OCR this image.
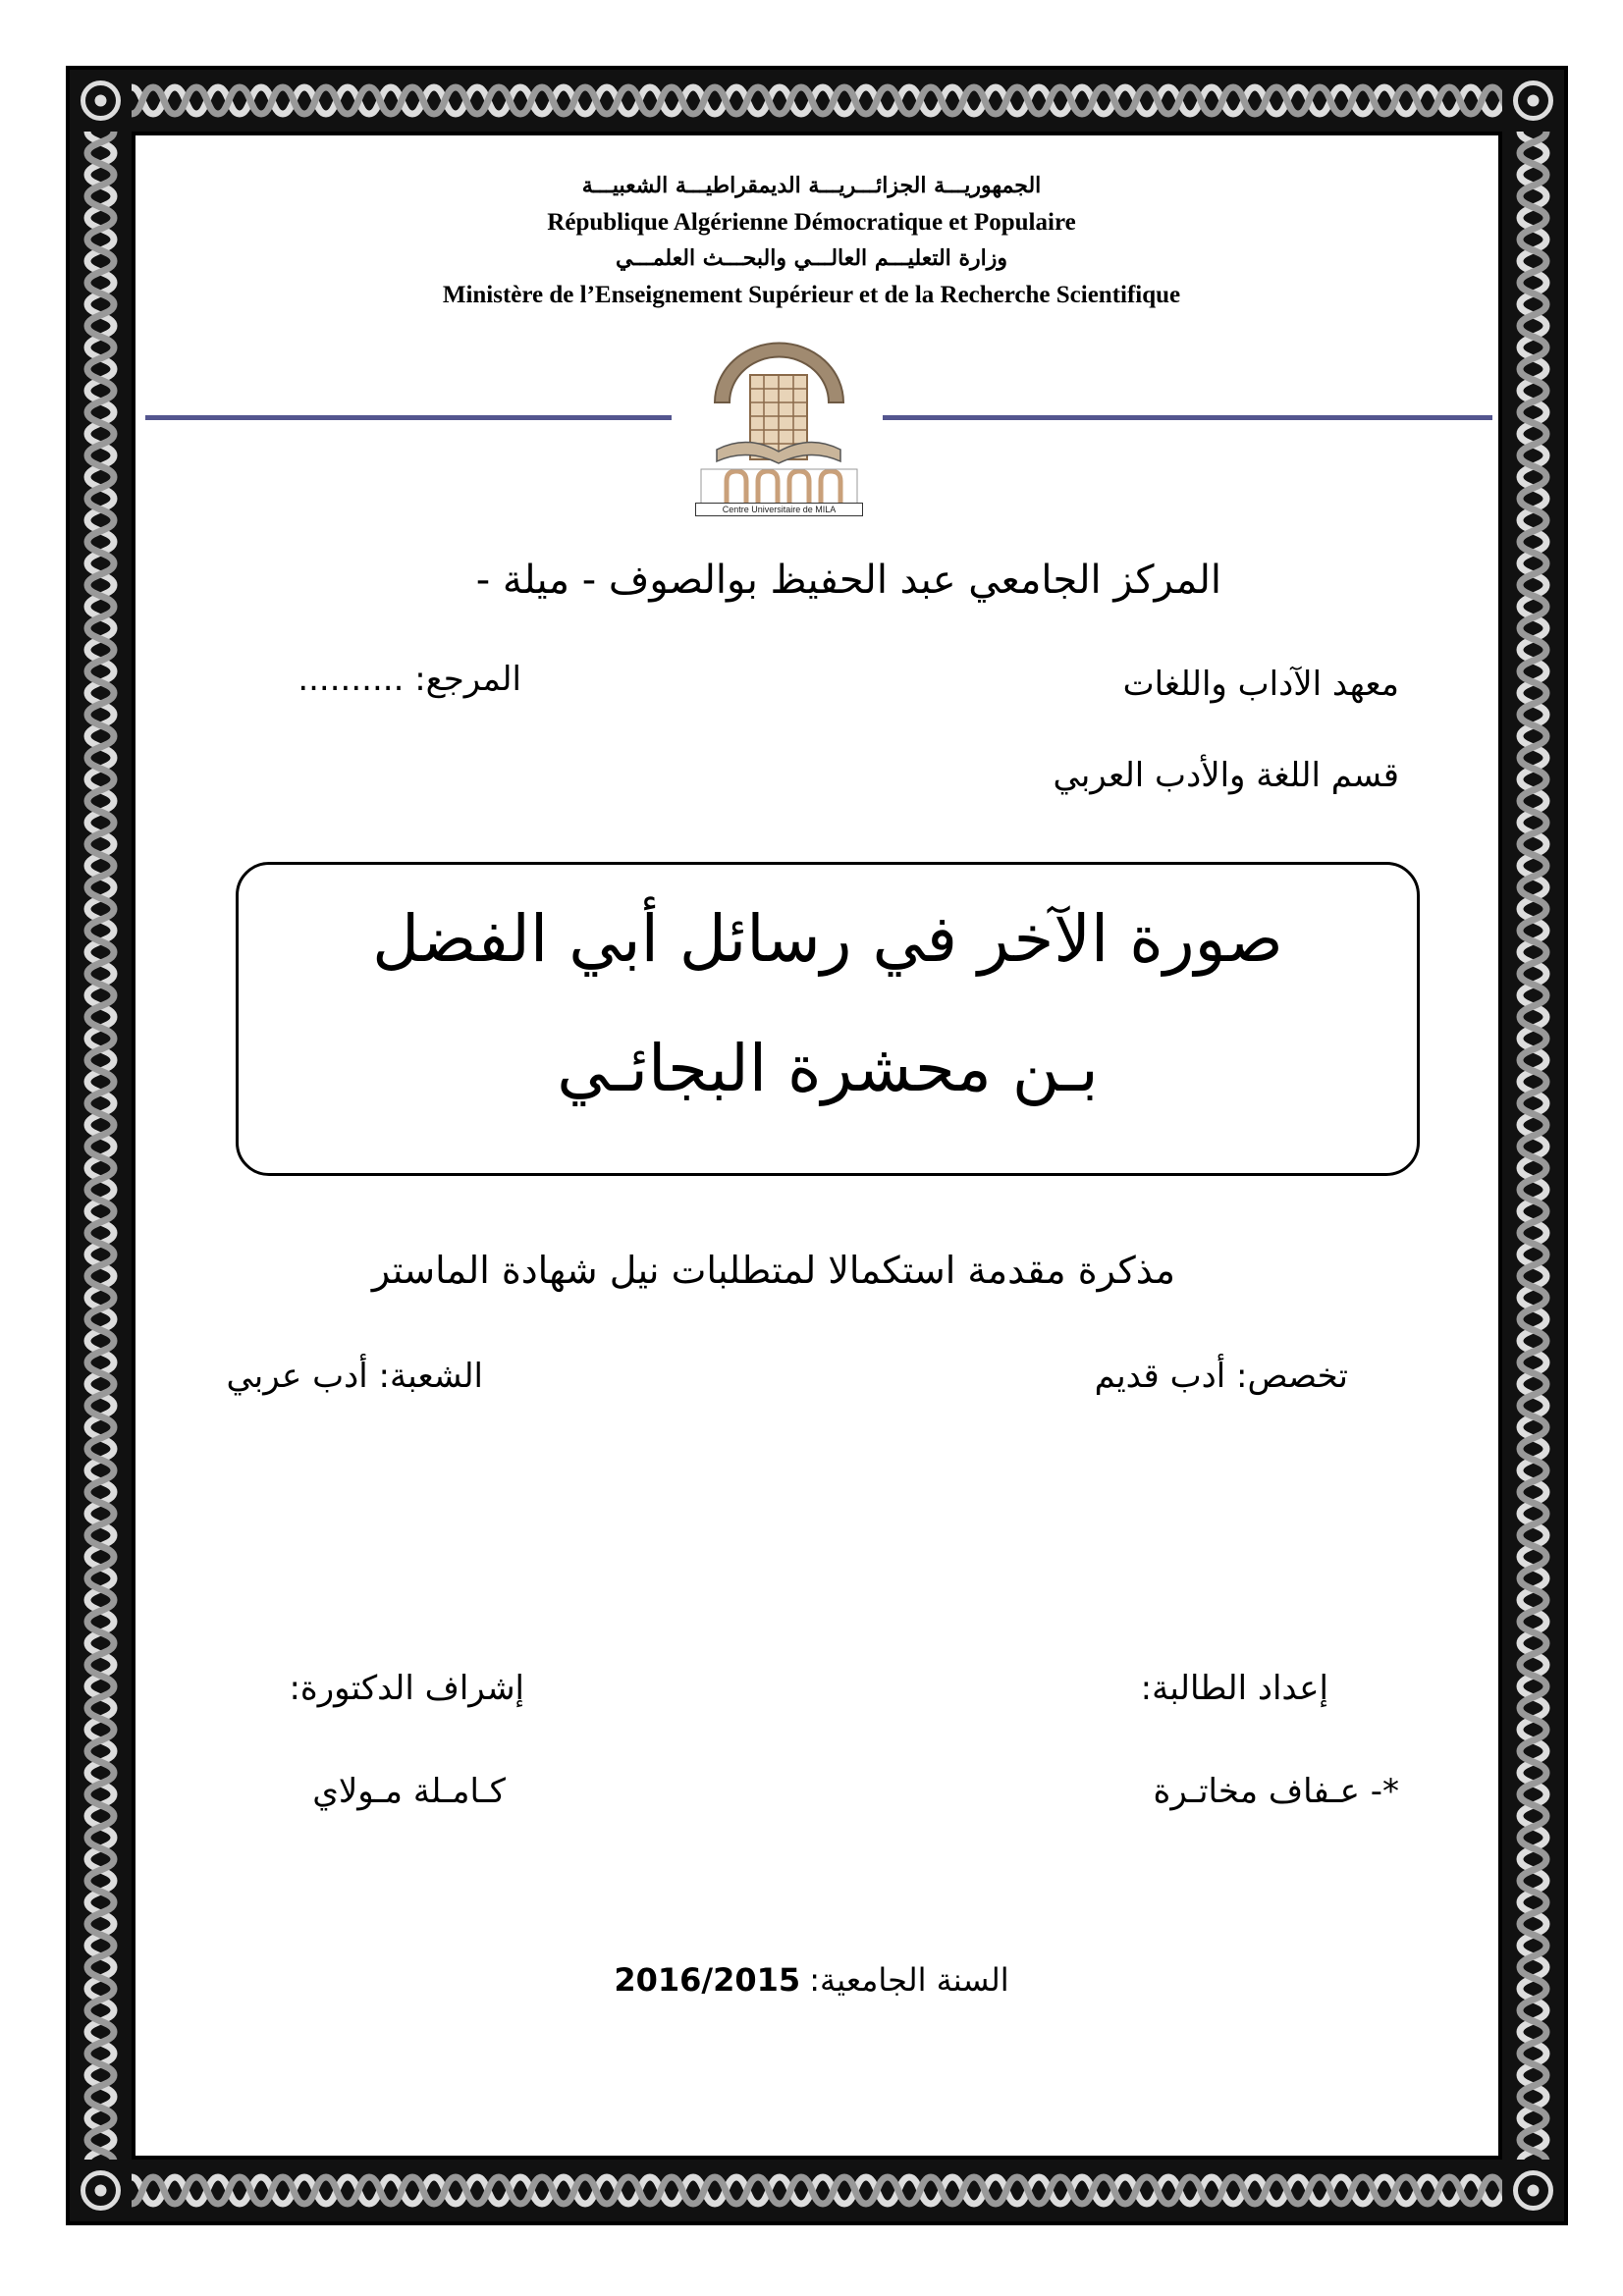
الجمهوريـــة الجزائـــريـــة الديمقراطيـــة الشعبيـــة
République Algérienne Démocratique et Populaire
وزارة التعليـــم العالـــي والبحـــث العلمـــي
Ministère de l’Enseignement Supérieur et de la Recherche Scientifique
Centre Universitaire de MILA
المركز الجامعي عبد الحفيظ بوالصوف - ميلة -
معهد الآداب واللغات
المرجع: ..........
قسم اللغة والأدب العربي
صورة الآخر في رسائل أبي الفضل
بـن محشرة البجائـي
مذكرة مقدمة استكمالا لمتطلبات نيل شهادة الماستر
تخصص: أدب قديم
الشعبة: أدب عربي
إعداد الطالبة:
إشراف الدكتورة:
*- عـفاف مخاتـرة
كـامـلة مـولاي
2016/2015 السنة الجامعية:
